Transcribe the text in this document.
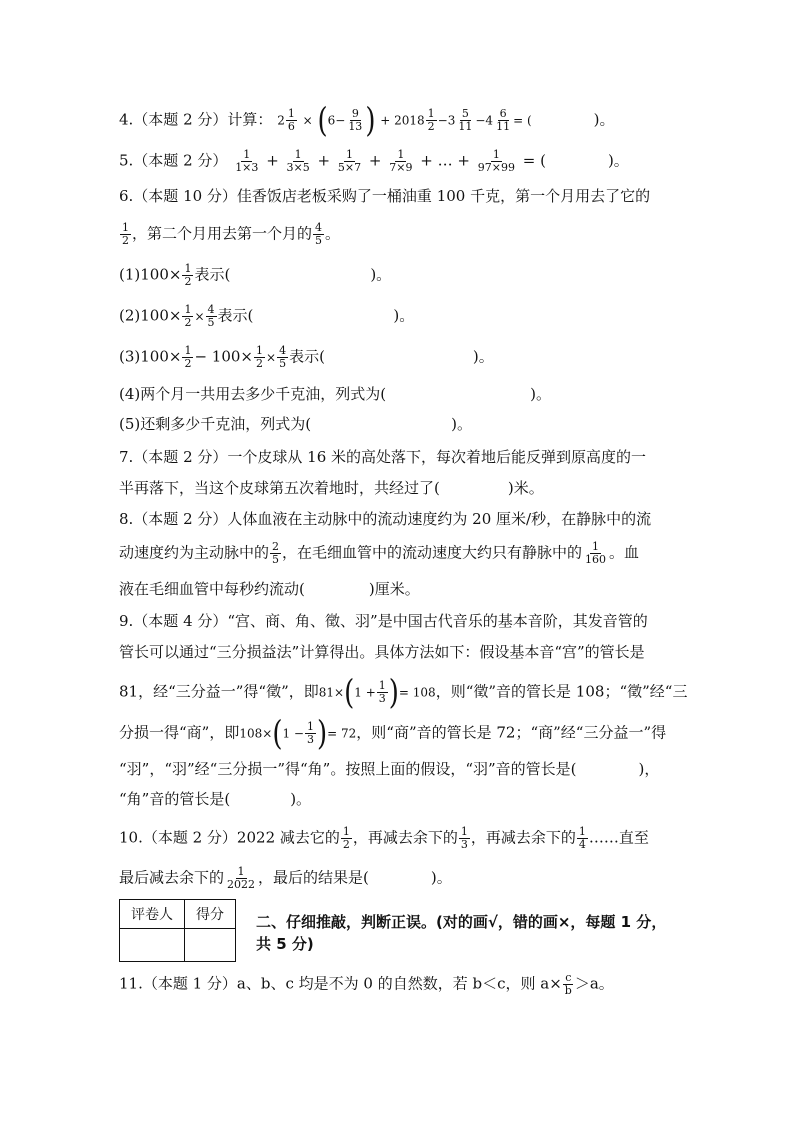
4.（本题 2 分）计算： $2 \frac{1}{6} \times (6- \frac{9}{13}$ ) + $2018 \frac{1}{2} -3 \frac{5}{11} -4 \frac{6}{11}$ = (	)。
5.（本题 2 分） $\frac{1}{1\times 3} + \frac{1}{3\times 5} + \frac{1}{5\times 7} + \frac{1}{7\times 9}$ + … + $\frac{1}{97\times 99}$ = (	)。
6.（本题 10 分）佳香饭店老板采购了一桶油重 100 千克，第一个月用去了它的
$\frac{1}{2}$ ，第二个月用去第一个月的 $\frac{4}{5}$ 。
$(1)100\times \frac{1}{2}$ 表示(	)。
$(2)100\times \frac{1}{2} \times \frac{4}{5}$ 表示(	)。
$(3)100\times \frac{1}{2} - 100\times \frac{1}{2} \times \frac{4}{5}$ 表示(	)。
(4)两个月一共用去多少千克油，列式为(	)。
(5)还剩多少千克油，列式为(	)。
7.（本题 2 分）一个皮球从 16 米的高处落下，每次着地后能反弹到原高度的一
半再落下，当这个皮球第五次着地时，共经过了(	)米。
8.（本题 2 分）人体血液在主动脉中的流动速度约为 20 厘米/秒，在静脉中的流
动速度约为主动脉中的 $\frac{2}{5}$ ，在毛细血管中的流动速度大约只有静脉中的 $\frac{1}{160}$ 。血
液在毛细血管中每秒约流动(	)厘米。
9.（本题 4 分）“宫、商、角、徵、羽”是中国古代音乐的基本音阶，其发音管的
管长可以通过“三分损益法”计算得出。具体方法如下：假设基本音“宫”的管长是
81，经“三分益一”得“徵”，即$81\times(1 + \frac{1}{3}$ )= 108，则“徵”音的管长是 108；“徵”经“三
分损一得“商”，即$108\times(1 - \frac{1}{3}$ )= 72，则“商”音的管长是 72；“商”经“三分益一”得
“羽”，“羽”经“三分损一”得“角”。按照上面的假设，“羽”音的管长是(	)，
“角”音的管长是(	)。
10.（本题 2 分）2022 减去它的 $\frac{1}{2}$ ，再减去余下的 $\frac{1}{3}$ ，再减去余下的 $\frac{1}{4}$ ……直至
最后减去余下的 $\frac{1}{2022}$ ，最后的结果是(	)。
评卷人	得分
	二、仔细推敲，判断正误。(对的画√，错的画×，每题 1 分，
共 5 分)
11.（本题 1 分）a、b、c 均是不为 0 的自然数，若 b＜c，则 $a\times \frac{c}{b} >a$。
